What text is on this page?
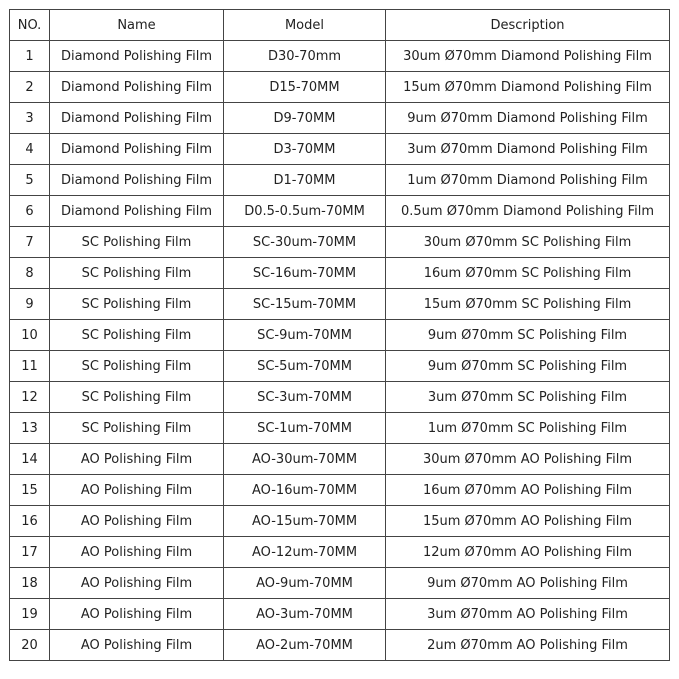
NO.	Name	Model	Description
1	Diamond Polishing Film	D30-70mm	30um Ø70mm Diamond Polishing Film
2	Diamond Polishing Film	D15-70MM	15um Ø70mm Diamond Polishing Film
3	Diamond Polishing Film	D9-70MM	9um Ø70mm Diamond Polishing Film
4	Diamond Polishing Film	D3-70MM	3um Ø70mm Diamond Polishing Film
5	Diamond Polishing Film	D1-70MM	1um Ø70mm Diamond Polishing Film
6	Diamond Polishing Film	D0.5-0.5um-70MM	0.5um Ø70mm Diamond Polishing Film
7	SC Polishing Film	SC-30um-70MM	30um Ø70mm SC Polishing Film
8	SC Polishing Film	SC-16um-70MM	16um Ø70mm SC Polishing Film
9	SC Polishing Film	SC-15um-70MM	15um Ø70mm SC Polishing Film
10	SC Polishing Film	SC-9um-70MM	9um Ø70mm SC Polishing Film
11	SC Polishing Film	SC-5um-70MM	9um Ø70mm SC Polishing Film
12	SC Polishing Film	SC-3um-70MM	3um Ø70mm SC Polishing Film
13	SC Polishing Film	SC-1um-70MM	1um Ø70mm SC Polishing Film
14	AO Polishing Film	AO-30um-70MM	30um Ø70mm AO Polishing Film
15	AO Polishing Film	AO-16um-70MM	16um Ø70mm AO Polishing Film
16	AO Polishing Film	AO-15um-70MM	15um Ø70mm AO Polishing Film
17	AO Polishing Film	AO-12um-70MM	12um Ø70mm AO Polishing Film
18	AO Polishing Film	AO-9um-70MM	9um Ø70mm AO Polishing Film
19	AO Polishing Film	AO-3um-70MM	3um Ø70mm AO Polishing Film
20	AO Polishing Film	AO-2um-70MM	2um Ø70mm AO Polishing Film
